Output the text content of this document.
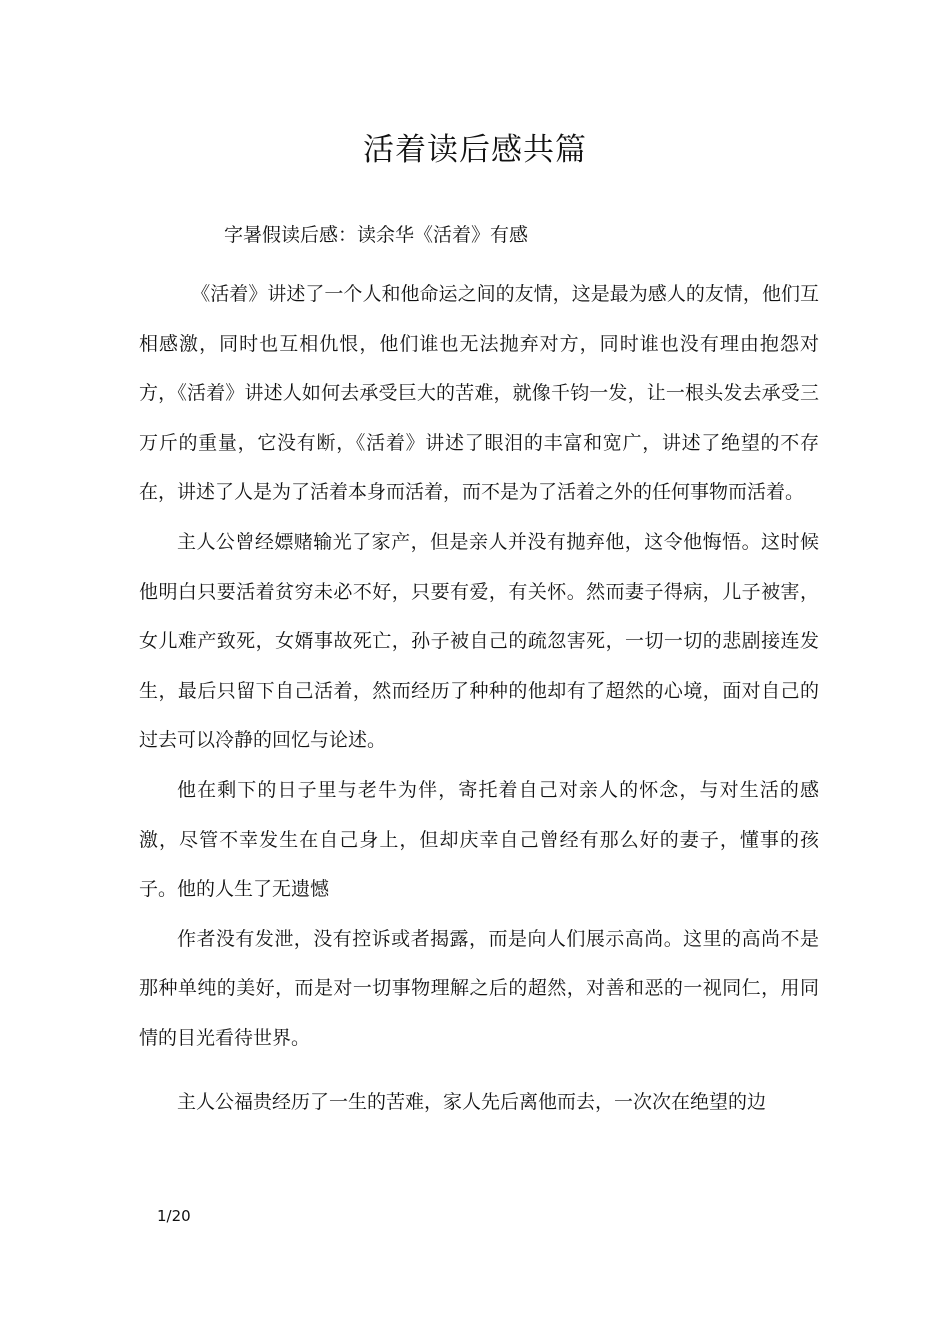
活着读后感共篇
字暑假读后感：读余华《活着》有感

《活着》讲述了一个人和他命运之间的友情，这是最为感人的友情，他们互相感激，同时也互相仇恨，他们谁也无法抛弃对方，同时谁也没有理由抱怨对方，《活着》讲述人如何去承受巨大的苦难，就像千钧一发，让一根头发去承受三万斤的重量，它没有断，《活着》讲述了眼泪的丰富和宽广，讲述了绝望的不存在，讲述了人是为了活着本身而活着，而不是为了活着之外的任何事物而活着。

主人公曾经嫖赌输光了家产，但是亲人并没有抛弃他，这令他悔悟。这时候他明白只要活着贫穷未必不好，只要有爱，有关怀。然而妻子得病，儿子被害，女儿难产致死，女婿事故死亡，孙子被自己的疏忽害死，一切一切的悲剧接连发生，最后只留下自己活着，然而经历了种种的他却有了超然的心境，面对自己的过去可以冷静的回忆与论述。

他在剩下的日子里与老牛为伴，寄托着自己对亲人的怀念，与对生活的感激，尽管不幸发生在自己身上，但却庆幸自己曾经有那么好的妻子，懂事的孩子。他的人生了无遗憾

作者没有发泄，没有控诉或者揭露，而是向人们展示高尚。这里的高尚不是那种单纯的美好，而是对一切事物理解之后的超然，对善和恶的一视同仁，用同情的目光看待世界。

主人公福贵经历了一生的苦难，家人先后离他而去，一次次在绝望的边

1/20
